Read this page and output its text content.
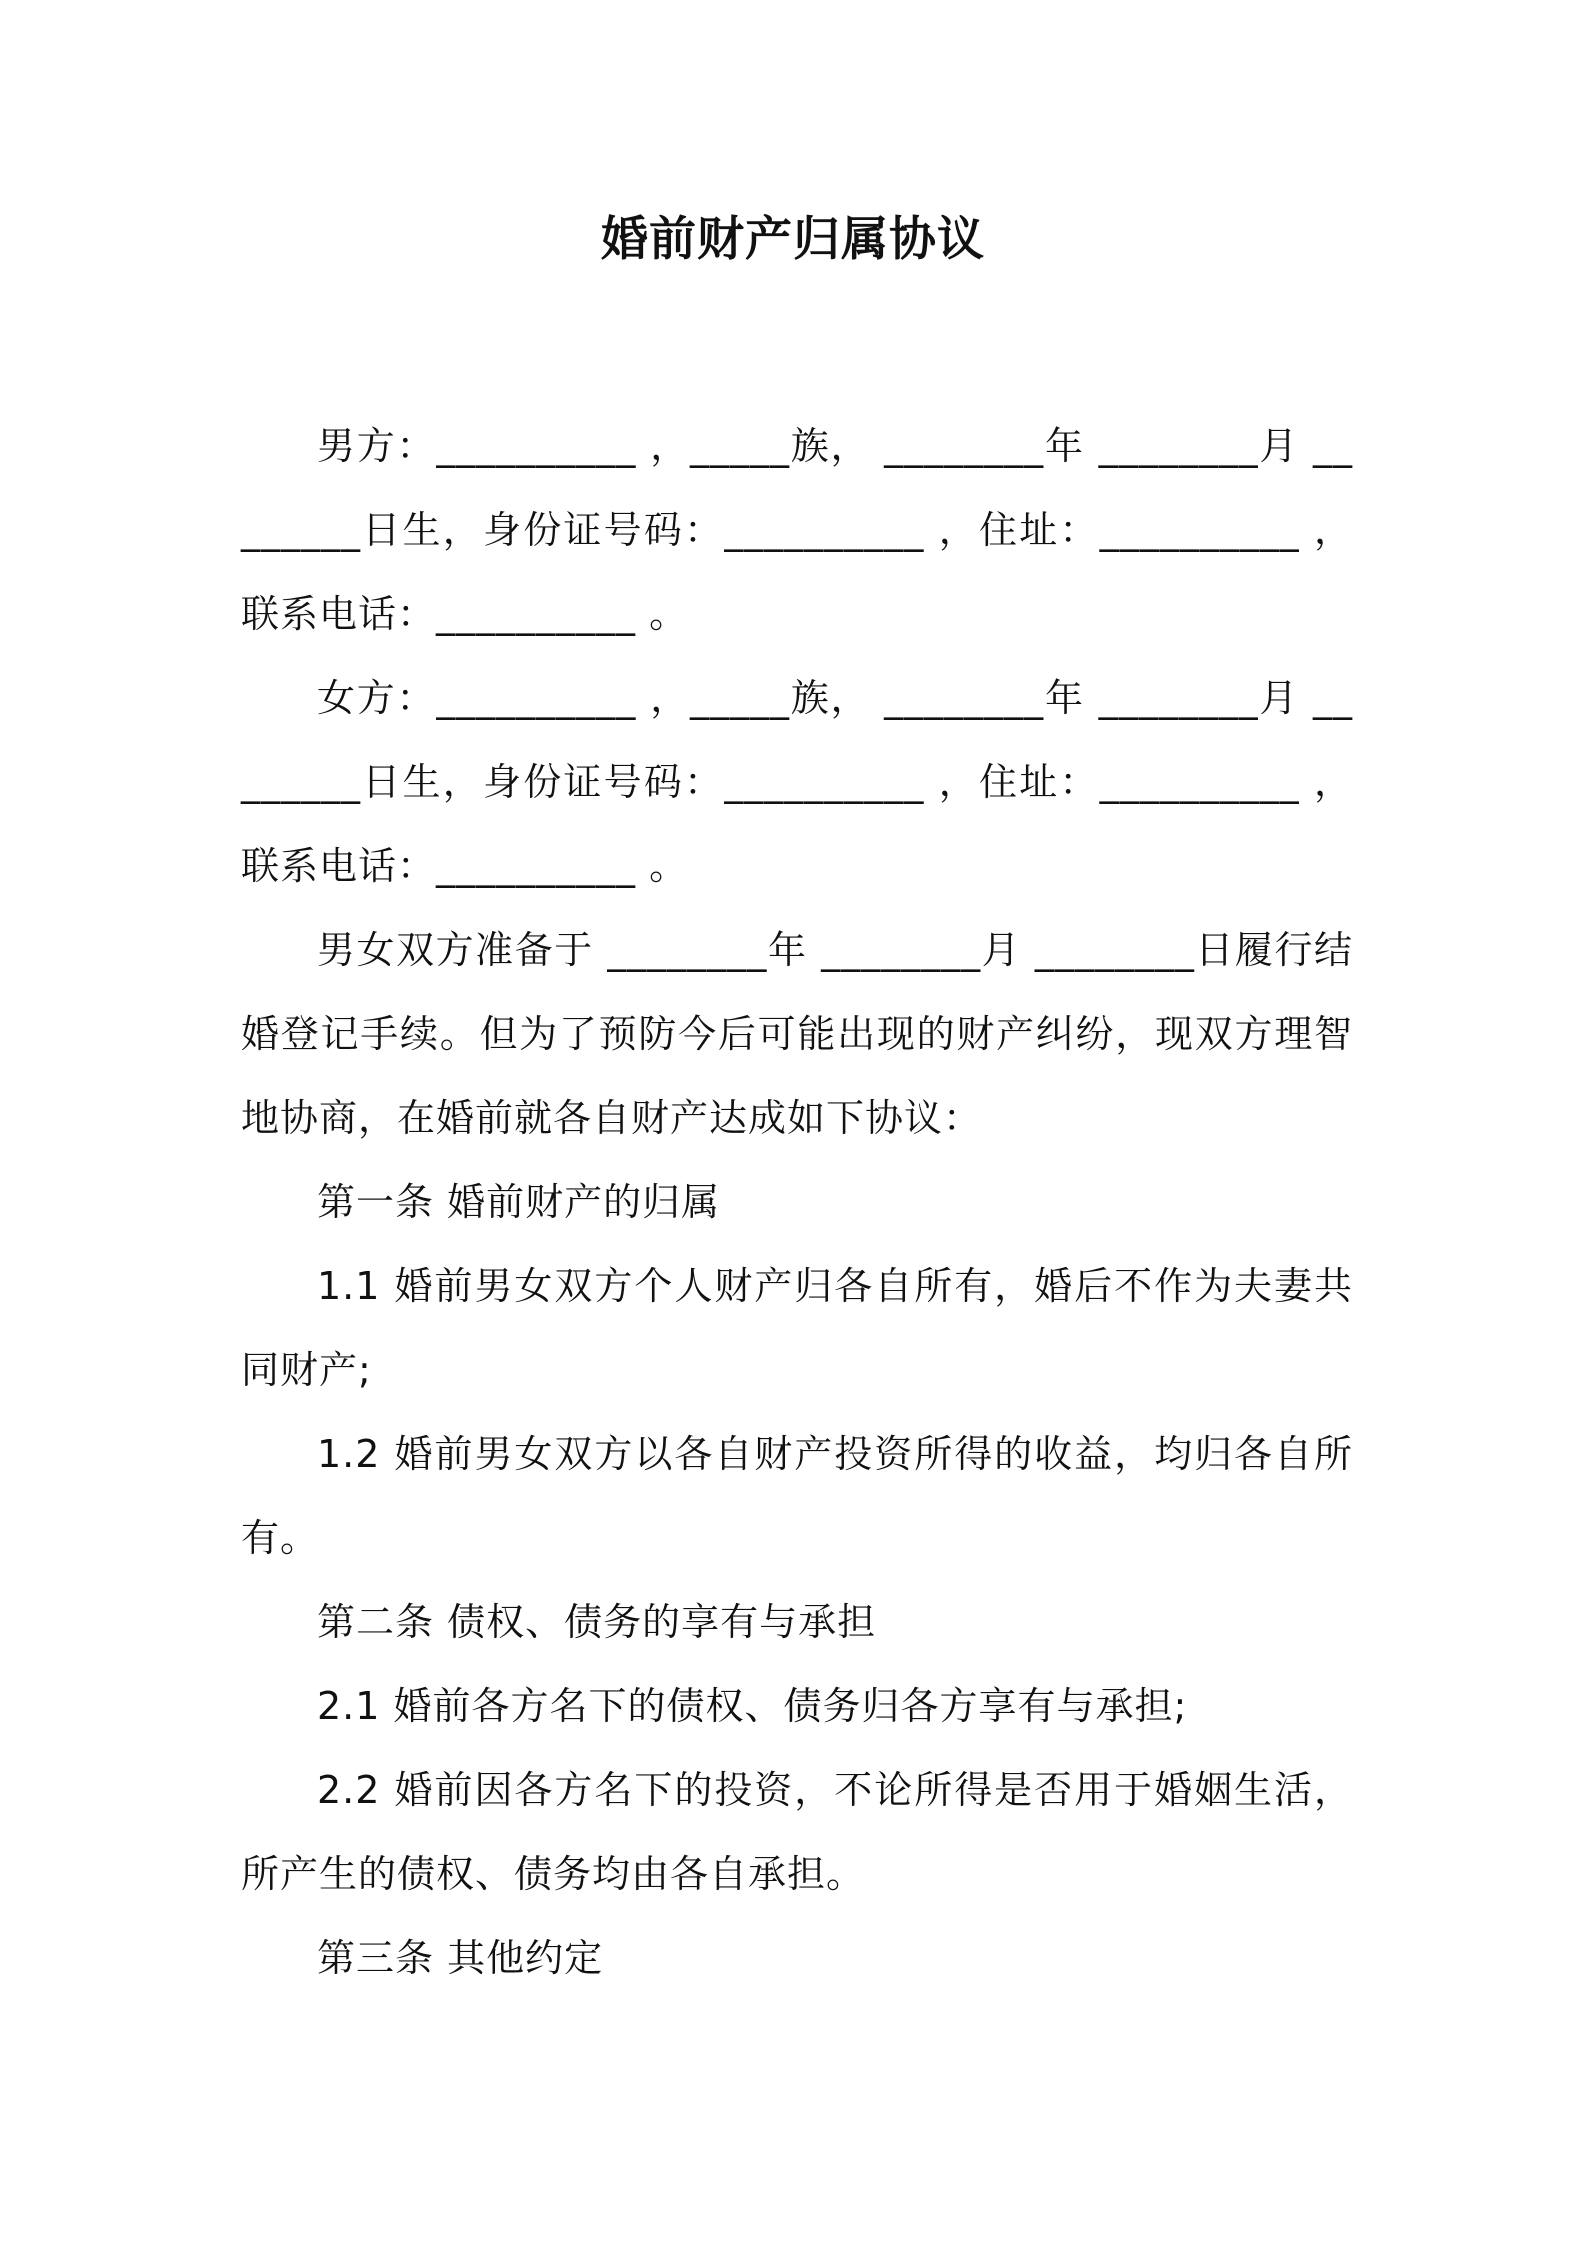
婚前财产归属协议

男方：__________ ，_____族， ________年 ________月 ________日生，身份证号码：__________ ，住址：__________ ，联系电话：__________ 。

女方：__________ ，_____族， ________年 ________月 ________日生，身份证号码：__________ ，住址：__________ ，联系电话：__________ 。

男女双方准备于 ________年 ________月 ________日履行结婚登记手续。但为了预防今后可能出现的财产纠纷，现双方理智地协商，在婚前就各自财产达成如下协议：

第一条 婚前财产的归属

1.1 婚前男女双方个人财产归各自所有，婚后不作为夫妻共同财产;

1.2 婚前男女双方以各自财产投资所得的收益，均归各自所有。

第二条 债权、债务的享有与承担

2.1 婚前各方名下的债权、债务归各方享有与承担;

2.2 婚前因各方名下的投资，不论所得是否用于婚姻生活，所产生的债权、债务均由各自承担。

第三条 其他约定
